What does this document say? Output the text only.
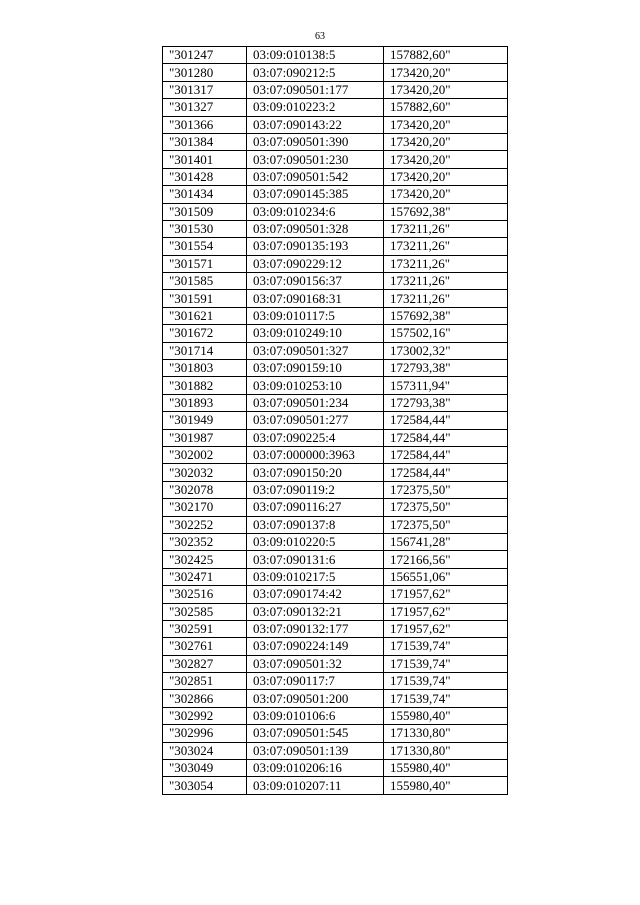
63
"301247	03:09:010138:5	157882,60"
"301280	03:07:090212:5	173420,20"
"301317	03:07:090501:177	173420,20"
"301327	03:09:010223:2	157882,60"
"301366	03:07:090143:22	173420,20"
"301384	03:07:090501:390	173420,20"
"301401	03:07:090501:230	173420,20"
"301428	03:07:090501:542	173420,20"
"301434	03:07:090145:385	173420,20"
"301509	03:09:010234:6	157692,38"
"301530	03:07:090501:328	173211,26"
"301554	03:07:090135:193	173211,26"
"301571	03:07:090229:12	173211,26"
"301585	03:07:090156:37	173211,26"
"301591	03:07:090168:31	173211,26"
"301621	03:09:010117:5	157692,38"
"301672	03:09:010249:10	157502,16"
"301714	03:07:090501:327	173002,32"
"301803	03:07:090159:10	172793,38"
"301882	03:09:010253:10	157311,94"
"301893	03:07:090501:234	172793,38"
"301949	03:07:090501:277	172584,44"
"301987	03:07:090225:4	172584,44"
"302002	03:07:000000:3963	172584,44"
"302032	03:07:090150:20	172584,44"
"302078	03:07:090119:2	172375,50"
"302170	03:07:090116:27	172375,50"
"302252	03:07:090137:8	172375,50"
"302352	03:09:010220:5	156741,28"
"302425	03:07:090131:6	172166,56"
"302471	03:09:010217:5	156551,06"
"302516	03:07:090174:42	171957,62"
"302585	03:07:090132:21	171957,62"
"302591	03:07:090132:177	171957,62"
"302761	03:07:090224:149	171539,74"
"302827	03:07:090501:32	171539,74"
"302851	03:07:090117:7	171539,74"
"302866	03:07:090501:200	171539,74"
"302992	03:09:010106:6	155980,40"
"302996	03:07:090501:545	171330,80"
"303024	03:07:090501:139	171330,80"
"303049	03:09:010206:16	155980,40"
"303054	03:09:010207:11	155980,40"
